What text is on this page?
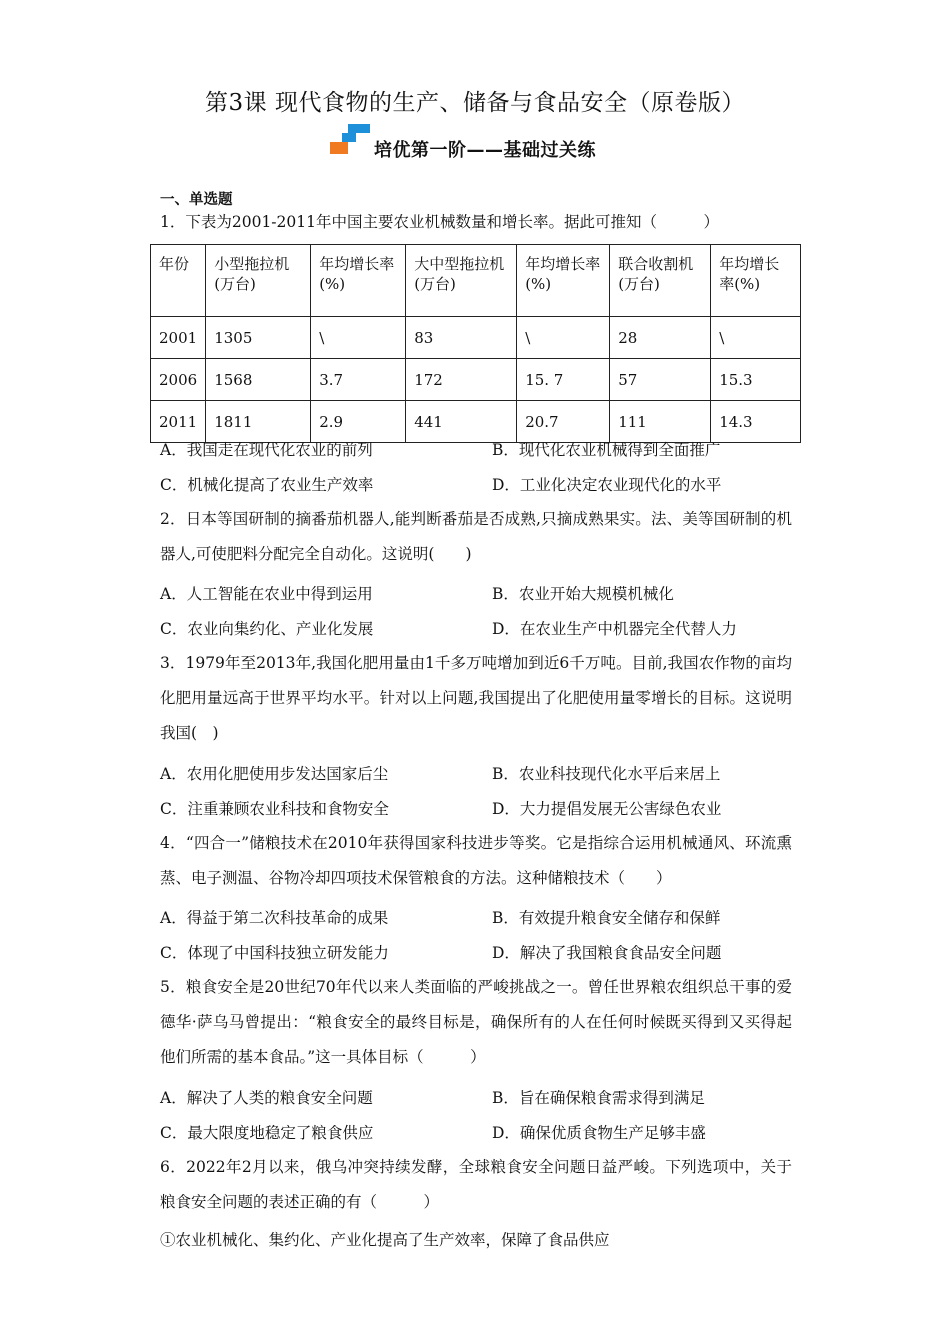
第3课 现代食物的生产、储备与食品安全（原卷版）
培优第一阶——基础过关练
一、单选题
1．下表为2001-2011年中国主要农业机械数量和增长率。据此可推知（　　　）
年份	小型拖拉机(万台)	年均增长率(%)	大中型拖拉机(万台)	年均增长率(%)	联合收割机(万台)	年均增长率(%)
2001	1305	\	83	\	28	\
2006	1568	3.7	172	15. 7	57	15.3
2011	1811	2.9	441	20.7	111	14.3
A．我国走在现代化农业的前列	B．现代化农业机械得到全面推广
C．机械化提高了农业生产效率	D．工业化决定农业现代化的水平
2．日本等国研制的摘番茄机器人,能判断番茄是否成熟,只摘成熟果实。法、美等国研制的机器人,可使肥料分配完全自动化。这说明(　　)
A．人工智能在农业中得到运用	B．农业开始大规模机械化
C．农业向集约化、产业化发展	D．在农业生产中机器完全代替人力
3．1979年至2013年,我国化肥用量由1千多万吨增加到近6千万吨。目前,我国农作物的亩均化肥用量远高于世界平均水平。针对以上问题,我国提出了化肥使用量零增长的目标。这说明我国(　)
A．农用化肥使用步发达国家后尘	B．农业科技现代化水平后来居上
C．注重兼顾农业科技和食物安全	D．大力提倡发展无公害绿色农业
4．“四合一”储粮技术在2010年获得国家科技进步等奖。它是指综合运用机械通风、环流熏蒸、电子测温、谷物冷却四项技术保管粮食的方法。这种储粮技术（　　）
A．得益于第二次科技革命的成果	B．有效提升粮食安全储存和保鲜
C．体现了中国科技独立研发能力	D．解决了我国粮食食品安全问题
5．粮食安全是20世纪70年代以来人类面临的严峻挑战之一。曾任世界粮农组织总干事的爱德华·萨乌马曾提出：“粮食安全的最终目标是，确保所有的人在任何时候既买得到又买得起他们所需的基本食品。”这一具体目标（　　　）
A．解决了人类的粮食安全问题	B．旨在确保粮食需求得到满足
C．最大限度地稳定了粮食供应	D．确保优质食物生产足够丰盛
6．2022年2月以来，俄乌冲突持续发酵，全球粮食安全问题日益严峻。下列选项中，关于粮食安全问题的表述正确的有（　　　）
①农业机械化、集约化、产业化提高了生产效率，保障了食品供应
